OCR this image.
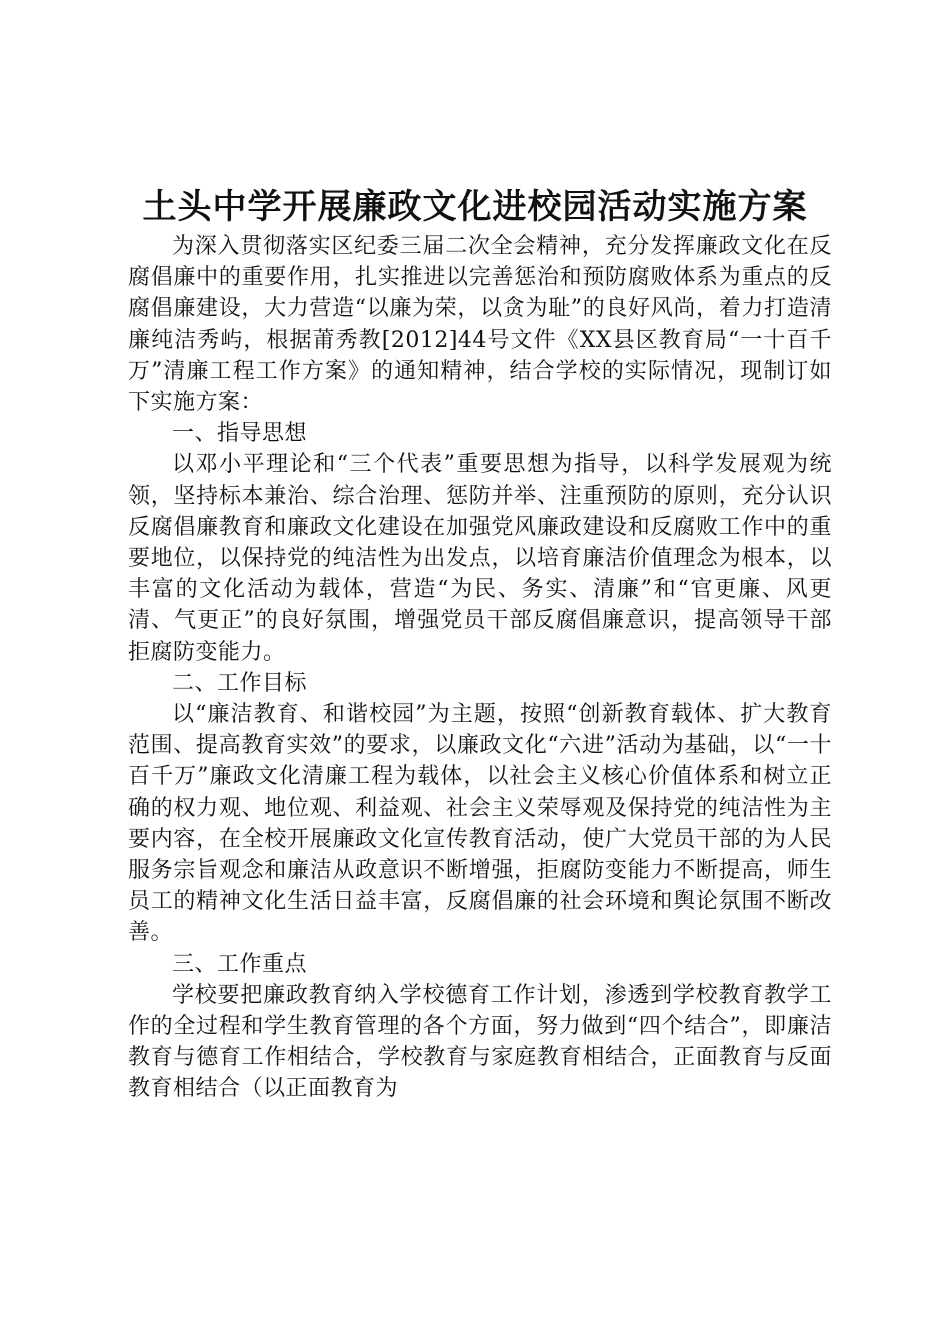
土头中学开展廉政文化进校园活动实施方案

为深入贯彻落实区纪委三届二次全会精神，充分发挥廉政文化在反腐倡廉中的重要作用，扎实推进以完善惩治和预防腐败体系为重点的反腐倡廉建设，大力营造“以廉为荣，以贪为耻”的良好风尚，着力打造清廉纯洁秀屿，根据莆秀教[2012]44号文件《XX县区教育局“一十百千万”清廉工程工作方案》的通知精神，结合学校的实际情况，现制订如下实施方案：

一、指导思想

以邓小平理论和“三个代表”重要思想为指导，以科学发展观为统领，坚持标本兼治、综合治理、惩防并举、注重预防的原则，充分认识反腐倡廉教育和廉政文化建设在加强党风廉政建设和反腐败工作中的重要地位，以保持党的纯洁性为出发点，以培育廉洁价值理念为根本，以丰富的文化活动为载体，营造“为民、务实、清廉”和“官更廉、风更清、气更正”的良好氛围，增强党员干部反腐倡廉意识，提高领导干部拒腐防变能力。

二、工作目标

以“廉洁教育、和谐校园”为主题，按照“创新教育载体、扩大教育范围、提高教育实效”的要求，以廉政文化“六进”活动为基础，以“一十百千万”廉政文化清廉工程为载体，以社会主义核心价值体系和树立正确的权力观、地位观、利益观、社会主义荣辱观及保持党的纯洁性为主要内容，在全校开展廉政文化宣传教育活动，使广大党员干部的为人民服务宗旨观念和廉洁从政意识不断增强，拒腐防变能力不断提高，师生员工的精神文化生活日益丰富，反腐倡廉的社会环境和舆论氛围不断改善。

三、工作重点

学校要把廉政教育纳入学校德育工作计划，渗透到学校教育教学工作的全过程和学生教育管理的各个方面，努力做到“四个结合”，即廉洁教育与德育工作相结合，学校教育与家庭教育相结合，正面教育与反面教育相结合（以正面教育为
